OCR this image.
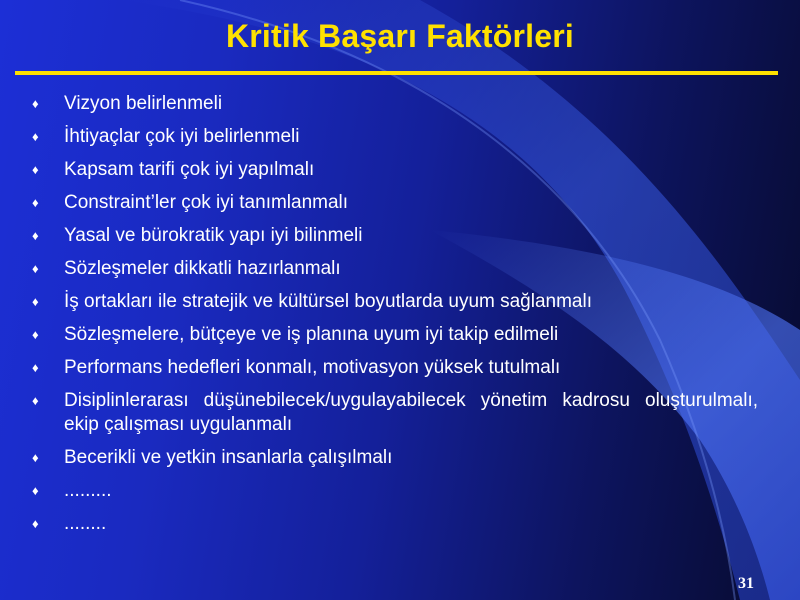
Kritik Başarı Faktörleri
♦	Vizyon belirlenmeli
♦	İhtiyaçlar çok iyi belirlenmeli
♦	Kapsam tarifi çok iyi yapılmalı
♦	Constraint’ler çok iyi tanımlanmalı
♦	Yasal ve bürokratik yapı iyi bilinmeli
♦	Sözleşmeler dikkatli hazırlanmalı
♦	İş ortakları ile stratejik ve kültürsel boyutlarda uyum sağlanmalı
♦	Sözleşmelere, bütçeye ve iş planına uyum iyi takip edilmeli
♦	Performans hedefleri konmalı, motivasyon yüksek tutulmalı
♦	Disiplinlerarası düşünebilecek/uygulayabilecek yönetim kadrosu oluşturulmalı, ekip çalışması uygulanmalı
♦	Becerikli ve yetkin insanlarla çalışılmalı
♦	.........
♦	........
31
